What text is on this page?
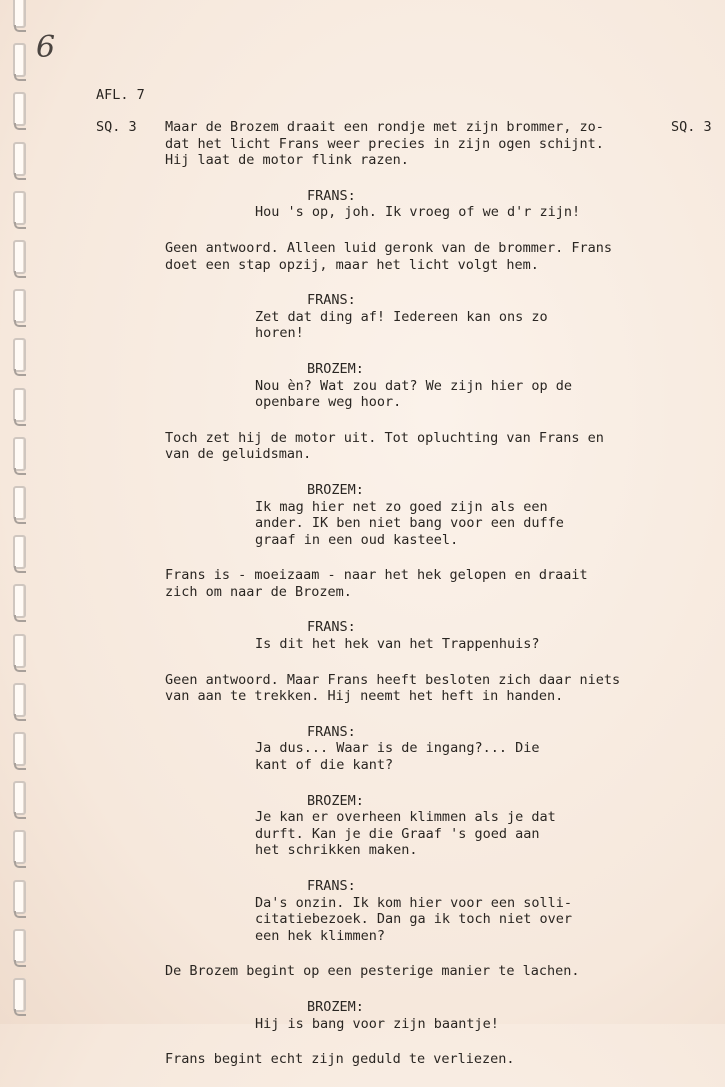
6
AFL. 7
SQ. 3	SQ. 3
Maar de Brozem draait een rondje met zijn brommer, zo-
dat het licht Frans weer precies in zijn ogen schijnt.
Hij laat de motor flink razen.
FRANS:
Hou 's op, joh. Ik vroeg of we d'r zijn!
Geen antwoord. Alleen luid geronk van de brommer. Frans
doet een stap opzij, maar het licht volgt hem.
FRANS:
Zet dat ding af! Iedereen kan ons zo
horen!
BROZEM:
Nou èn? Wat zou dat? We zijn hier op de
openbare weg hoor.
Toch zet hij de motor uit. Tot opluchting van Frans en
van de geluidsman.
BROZEM:
Ik mag hier net zo goed zijn als een
ander. IK ben niet bang voor een duffe
graaf in een oud kasteel.
Frans is - moeizaam - naar het hek gelopen en draait
zich om naar de Brozem.
FRANS:
Is dit het hek van het Trappenhuis?
Geen antwoord. Maar Frans heeft besloten zich daar niets
van aan te trekken. Hij neemt het heft in handen.
FRANS:
Ja dus... Waar is de ingang?... Die
kant of die kant?
BROZEM:
Je kan er overheen klimmen als je dat
durft. Kan je die Graaf 's goed aan
het schrikken maken.
FRANS:
Da's onzin. Ik kom hier voor een solli-
citatiebezoek. Dan ga ik toch niet over
een hek klimmen?
De Brozem begint op een pesterige manier te lachen.
BROZEM:
Hij is bang voor zijn baantje!
Frans begint echt zijn geduld te verliezen.
